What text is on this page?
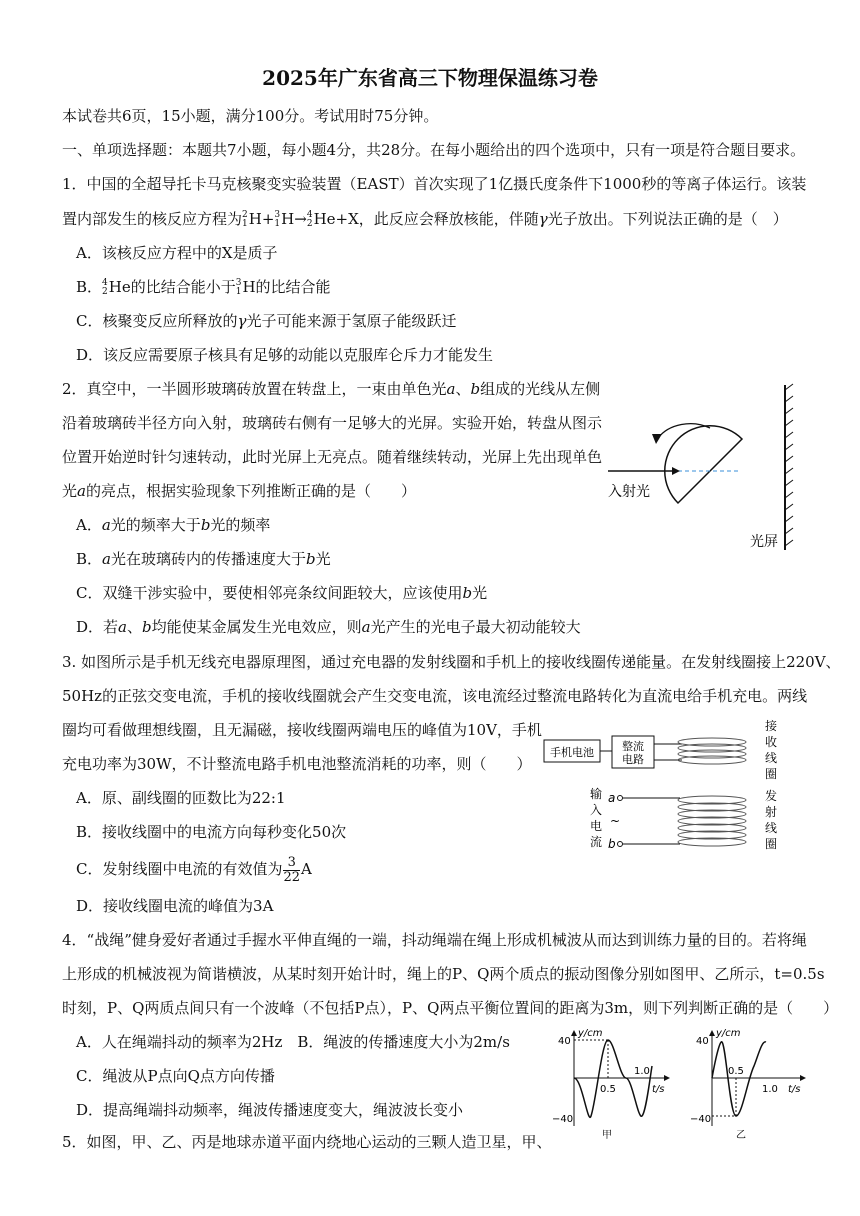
2025年广东省高三下物理保温练习卷
本试卷共6页，15小题，满分100分。考试用时75分钟。
一、单项选择题：本题共7小题，每小题4分，共28分。在每小题给出的四个选项中，只有一项是符合题目要求。
1．中国的全超导托卡马克核聚变实验装置（EAST）首次实现了1亿摄氏度条件下1000秒的等离子体运行。该装
置内部发生的核反应方程为 2
1 H+ 3
1 H→ 4
2 He+X，此反应会释放核能，伴随γ光子放出。下列说法正确的是（　）
A．该核反应方程中的X是质子
B． 4
2 He的比结合能小于 3
1 H的比结合能
C．核聚变反应所释放的γ光子可能来源于氢原子能级跃迁
D．该反应需要原子核具有足够的动能以克服库仑斥力才能发生
2．真空中，一半圆形玻璃砖放置在转盘上，一束由单色光a、b组成的光线从左侧
沿着玻璃砖半径方向入射，玻璃砖右侧有一足够大的光屏。实验开始，转盘从图示
位置开始逆时针匀速转动，此时光屏上无亮点。随着继续转动，光屏上先出现单色
光a的亮点，根据实验现象下列推断正确的是（　　）
A．a光的频率大于b光的频率
B．a光在玻璃砖内的传播速度大于b光
C．双缝干涉实验中，要使相邻亮条纹间距较大，应该使用b光
D．若a、b均能使某金属发生光电效应，则a光产生的光电子最大初动能较大
入射光
光屏
3. 如图所示是手机无线充电器原理图，通过充电器的发射线圈和手机上的接收线圈传递能量。在发射线圈接上220V、
50Hz的正弦交变电流，手机的接收线圈就会产生交变电流，该电流经过整流电路转化为直流电给手机充电。两线
圈均可看做理想线圈，且无漏磁，接收线圈两端电压的峰值为10V，手机
充电功率为30W，不计整流电路手机电池整流消耗的功率，则（　　）
A．原、副线圈的匝数比为22:1
B．接收线圈中的电流方向每秒变化50次
C．发射线圈中电流的有效值为 $\frac{3}{22}$ A
D．接收线圈电流的峰值为3A
手机电池	整流
电路
接
收
线
圈
输
入
电
流
a
b
~
发
射
线
圈
4．“战绳”健身爱好者通过手握水平伸直绳的一端，抖动绳端在绳上形成机械波从而达到训练力量的目的。若将绳
上形成的机械波视为简谐横波，从某时刻开始计时，绳上的P、Q两个质点的振动图像分别如图甲、乙所示，t=0.5s
时刻，P、Q两质点间只有一个波峰（不包括P点），P、Q两点平衡位置间的距离为3m，则下列判断正确的是（　　）
A．人在绳端抖动的频率为2Hz　B．绳波的传播速度大小为2m/s
C．绳波从P点向Q点方向传播
D．提高绳端抖动频率，绳波传播速度变大，绳波波长变小
y/cm
40
−40
0.5
1.0
t/s
甲
y/cm
40
−40
0.5
1.0 t/s
乙
5．如图，甲、乙、丙是地球赤道平面内绕地心运动的三颗人造卫星，甲、
